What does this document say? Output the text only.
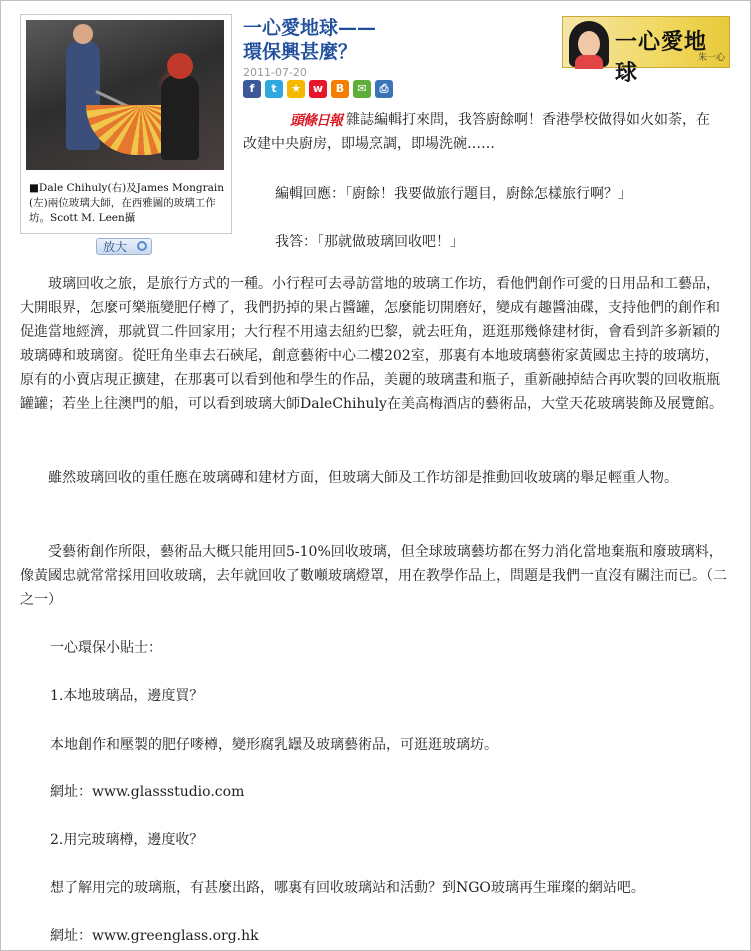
■Dale Chihuly(右)及James Mongrain (左)兩位玻璃大師，在西雅圖的玻璃工作坊。Scott M. Leen攝
放大
一心愛地球——
環保興甚麼？
2011-07-20
f	t	★	w	B	✉	⎙
一心愛地球
朱一心
雜誌編輯打來問，我答廚餘啊！香港學校做得如火如荼，在改建中央廚房，即場烹調，即場洗碗……
頭條日報
編輯回應：「廚餘！我要做旅行題目，廚餘怎樣旅行啊？」
我答：「那就做玻璃回收吧！」
玻璃回收之旅，是旅行方式的一種。小行程可去尋訪當地的玻璃工作坊，看他們創作可愛的日用品和工藝品，大開眼界，怎麼可樂瓶變肥仔樽了，我們扔掉的果占醬罐，怎麼能切開磨好，變成有趣醬油碟，支持他們的創作和促進當地經濟，那就買二件回家用；大行程不用遠去紐約巴黎，就去旺角，逛逛那幾條建材街，會看到許多新穎的玻璃磚和玻璃窗。從旺角坐車去石硤尾，創意藝術中心二樓202室，那裏有本地玻璃藝術家黃國忠主持的玻璃坊，原有的小賣店現正擴建，在那裏可以看到他和學生的作品，美麗的玻璃畫和瓶子，重新融掉結合再吹製的回收瓶瓶罐罐；若坐上往澳門的船，可以看到玻璃大師DaleChihuly在美高梅酒店的藝術品，大堂天花玻璃裝飾及展覽館。
雖然玻璃回收的重任應在玻璃磚和建材方面，但玻璃大師及工作坊卻是推動回收玻璃的舉足輕重人物。
受藝術創作所限，藝術品大概只能用回5-10%回收玻璃，但全球玻璃藝坊都在努力消化當地棄瓶和廢玻璃料，像黃國忠就常常採用回收玻璃，去年就回收了數噸玻璃燈罩，用在教學作品上，問題是我們一直沒有關注而已。（二之一）
一心環保小貼士：
1.本地玻璃品，邊度買？
本地創作和壓製的肥仔嘜樽，變形腐乳罎及玻璃藝術品，可逛逛玻璃坊。
網址：www.glassstudio.com
2.用完玻璃樽，邊度收？
想了解用完的玻璃瓶，有甚麼出路，哪裏有回收玻璃站和活動？到NGO玻璃再生璀璨的網站吧。
網址：www.greenglass.org.hk
